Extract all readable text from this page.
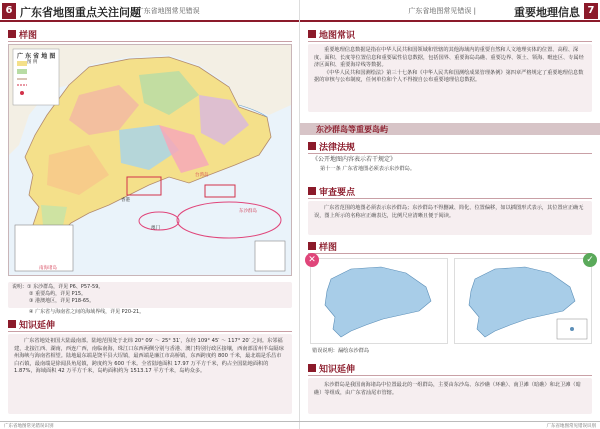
6 广东省地图重点关注问题
| 广东省地图常见错误
样图
广 东 省 地 图
图 例
台湾岛
东沙群岛
香港
澳门
南海诸岛
说明：① 东沙群岛，详见 P6、P57-59。
② 重要岛屿，详见 P15。
③ 港澳地区，详见 P18-65。
④ 广东省与海南省之间的海域界线，详见 P20-21。
知识延伸
广东省地处祖国大陆最南部。陆地范围处于北纬 20° 09′ ～ 25° 31′，东经 109° 45′ ～ 117° 20′ 之间。东邻福建，北接江西、湖南，西连广西，南临南海，珠江口东西两侧分别与香港、澳门特别行政区接壤，西南部雷州半岛隔琼州海峡与海南省相望。陆地最东端是饶平县大埕镇，最西端是廉江市高桥镇，东西跨度约 800 千米，最北端是乐昌市白石镇，最南端是徐闻县角尾镇，跨度约为 600 千米。全省陆地面积 17.97 万平方千米，约占全国陆地面积的 1.87%，海域面积 42 万平方千米，岛屿面积约为 1513.17 平方千米，岛屿众多。
广东省地图常见错误识别
广东省地图常见错误 |	重要地理信息 7
地图常识
重要地理信息数据是指在中华人民共和国领域和管辖的其他海域内的重要自然和人文地理实体的位置、高程、深度、面积、长度等位置信息和重要属性信息数据，包括国界、重要海岛岛礁、重要边界、领土、领海、毗连区、专属经济区面积、重要海岸线等数据。
《中华人民共和国测绘法》第三十七条和《中华人民共和国测绘成果管理条例》第四章严格规定了重要地理信息数据的审核与公布制度，任何单位和个人不得擅自公布重要地理信息数据。
东沙群岛等重要岛屿
法律法规
《公开地图内容表示若干规定》
第十一条 广东省地图必须表示东沙群岛。
审查要点
广东省范围的地图必须表示东沙群岛；东沙群岛不得删减、简化、位置偏移，如以插图形式表示，其位置应正确无误，图上所示的名称应正确表达，比例尺应清晰且便于阅读。
样图
✕	✓
错误说明：漏绘东沙群岛
知识延伸
东沙群岛是我国南海诸岛中位置最北的一组群岛，主要由东沙岛、东沙礁（环礁）、南卫滩（暗礁）和北卫滩（暗礁）等组成，由广东省汕尾市管辖。
广东省地图常见错误识别
